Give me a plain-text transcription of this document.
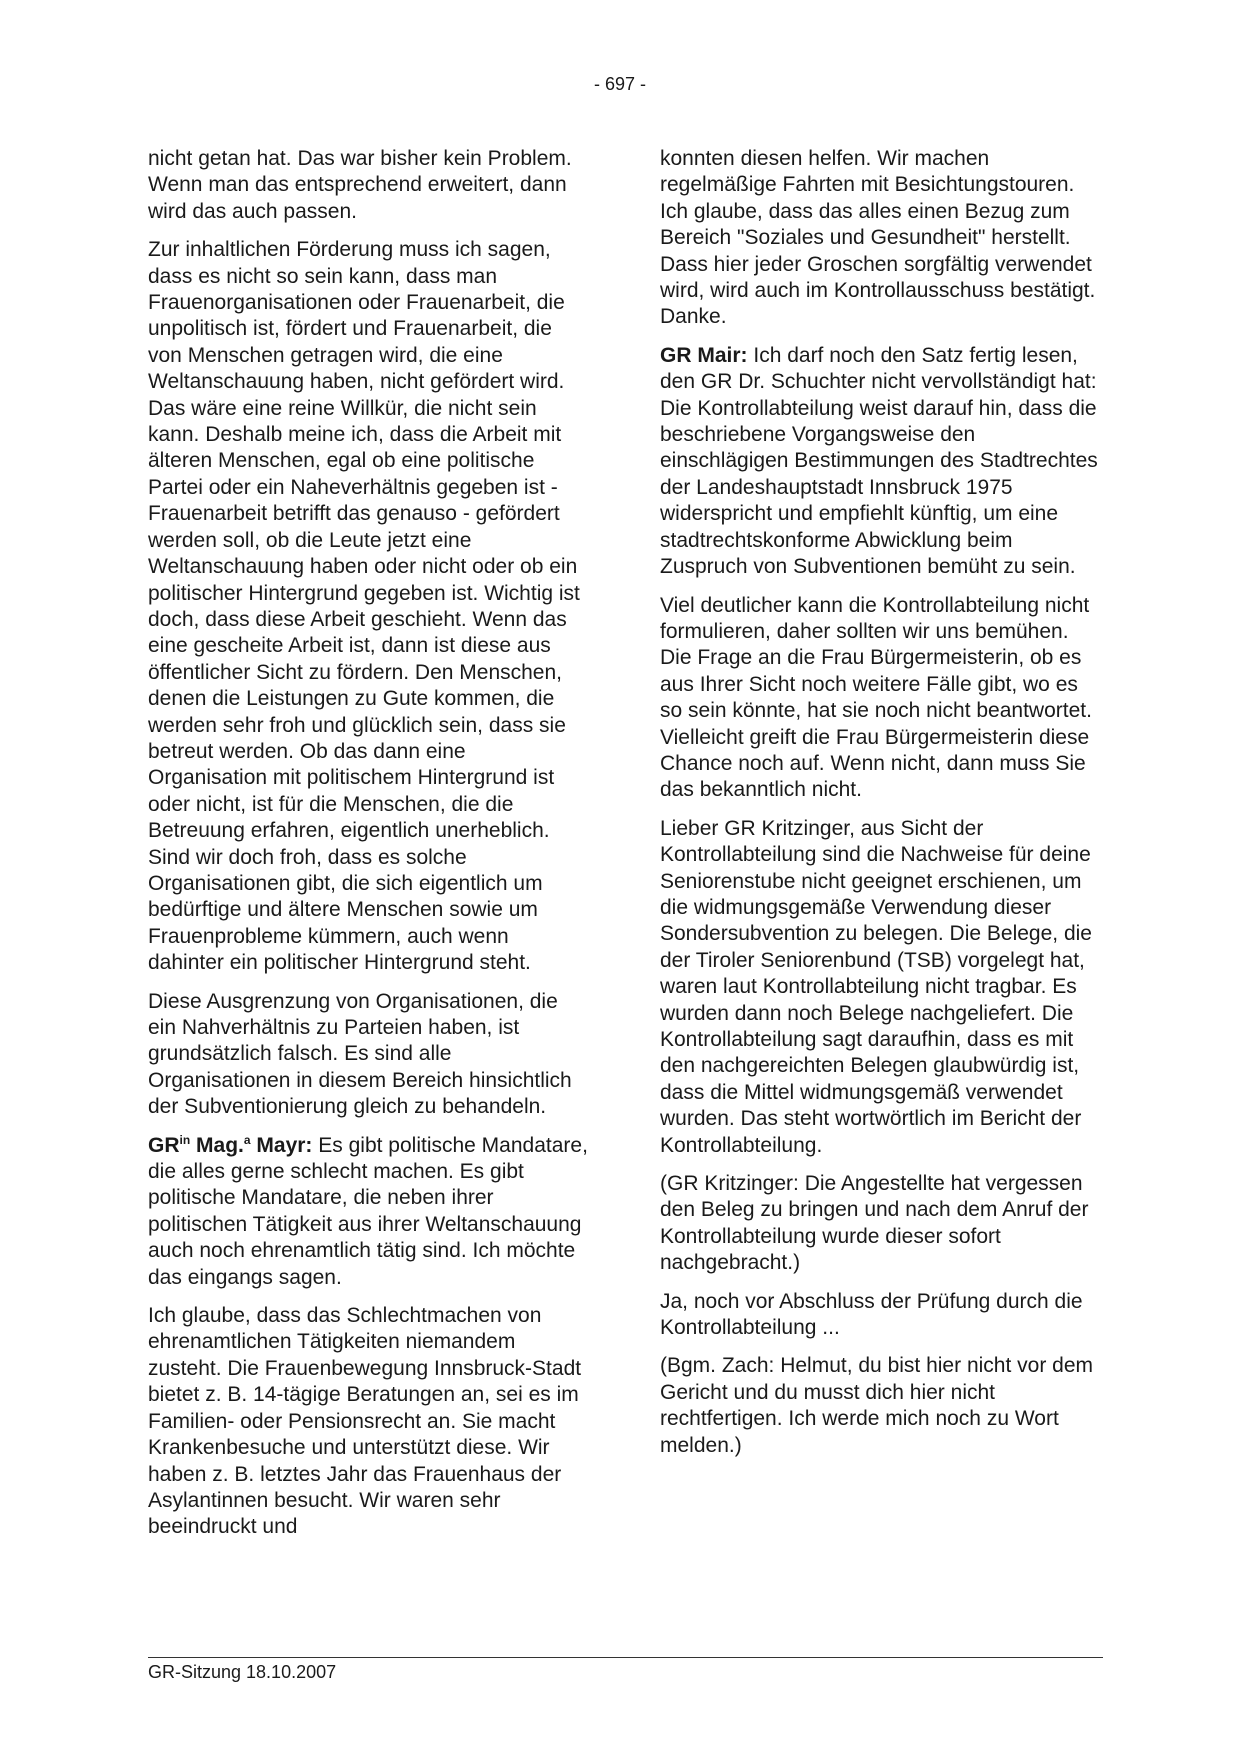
- 697 -

nicht getan hat. Das war bisher kein Problem. Wenn man das entsprechend erweitert, dann wird das auch passen.

Zur inhaltlichen Förderung muss ich sagen, dass es nicht so sein kann, dass man Frauenorganisationen oder Frauenarbeit, die unpolitisch ist, fördert und Frauenarbeit, die von Menschen getragen wird, die eine Weltanschauung haben, nicht gefördert wird. Das wäre eine reine Willkür, die nicht sein kann. Deshalb meine ich, dass die Arbeit mit älteren Menschen, egal ob eine politische Partei oder ein Naheverhältnis gegeben ist - Frauenarbeit betrifft das genauso - gefördert werden soll, ob die Leute jetzt eine Weltanschauung haben oder nicht oder ob ein politischer Hintergrund gegeben ist. Wichtig ist doch, dass diese Arbeit geschieht. Wenn das eine gescheite Arbeit ist, dann ist diese aus öffentlicher Sicht zu fördern. Den Menschen, denen die Leistungen zu Gute kommen, die werden sehr froh und glücklich sein, dass sie betreut werden. Ob das dann eine Organisation mit politischem Hintergrund ist oder nicht, ist für die Menschen, die die Betreuung erfahren, eigentlich unerheblich. Sind wir doch froh, dass es solche Organisationen gibt, die sich eigentlich um bedürftige und ältere Menschen sowie um Frauenprobleme kümmern, auch wenn dahinter ein politischer Hintergrund steht.

Diese Ausgrenzung von Organisationen, die ein Nahverhältnis zu Parteien haben, ist grundsätzlich falsch. Es sind alle Organisationen in diesem Bereich hinsichtlich der Subventionierung gleich zu behandeln.

$GR^{in}$ Mag.$^a$ Mayr: Es gibt politische Mandatare, die alles gerne schlecht machen. Es gibt politische Mandatare, die neben ihrer politischen Tätigkeit aus ihrer Weltanschauung auch noch ehrenamtlich tätig sind. Ich möchte das eingangs sagen.

Ich glaube, dass das Schlechtmachen von ehrenamtlichen Tätigkeiten niemandem zusteht. Die Frauenbewegung Innsbruck-Stadt bietet z. B. 14-tägige Beratungen an, sei es im Familien- oder Pensionsrecht an. Sie macht Krankenbesuche und unterstützt diese. Wir haben z. B. letztes Jahr das Frauenhaus der Asylantinnen besucht. Wir waren sehr beeindruckt und

konnten diesen helfen. Wir machen regelmäßige Fahrten mit Besichtungstouren. Ich glaube, dass das alles einen Bezug zum Bereich "Soziales und Gesundheit" herstellt. Dass hier jeder Groschen sorgfältig verwendet wird, wird auch im Kontrollausschuss bestätigt. Danke.

GR Mair: Ich darf noch den Satz fertig lesen, den GR Dr. Schuchter nicht vervollständigt hat: Die Kontrollabteilung weist darauf hin, dass die beschriebene Vorgangsweise den einschlägigen Bestimmungen des Stadtrechtes der Landeshauptstadt Innsbruck 1975 widerspricht und empfiehlt künftig, um eine stadtrechtskonforme Abwicklung beim Zuspruch von Subventionen bemüht zu sein.

Viel deutlicher kann die Kontrollabteilung nicht formulieren, daher sollten wir uns bemühen. Die Frage an die Frau Bürgermeisterin, ob es aus Ihrer Sicht noch weitere Fälle gibt, wo es so sein könnte, hat sie noch nicht beantwortet. Vielleicht greift die Frau Bürgermeisterin diese Chance noch auf. Wenn nicht, dann muss Sie das bekanntlich nicht.

Lieber GR Kritzinger, aus Sicht der Kontrollabteilung sind die Nachweise für deine Seniorenstube nicht geeignet erschienen, um die widmungsgemäße Verwendung dieser Sondersubvention zu belegen. Die Belege, die der Tiroler Seniorenbund (TSB) vorgelegt hat, waren laut Kontrollabteilung nicht tragbar. Es wurden dann noch Belege nachgeliefert. Die Kontrollabteilung sagt daraufhin, dass es mit den nachgereichten Belegen glaubwürdig ist, dass die Mittel widmungsgemäß verwendet wurden. Das steht wortwörtlich im Bericht der Kontrollabteilung.

(GR Kritzinger: Die Angestellte hat vergessen den Beleg zu bringen und nach dem Anruf der Kontrollabteilung wurde dieser sofort nachgebracht.)

Ja, noch vor Abschluss der Prüfung durch die Kontrollabteilung ...

(Bgm. Zach: Helmut, du bist hier nicht vor dem Gericht und du musst dich hier nicht rechtfertigen. Ich werde mich noch zu Wort melden.)

GR-Sitzung 18.10.2007
